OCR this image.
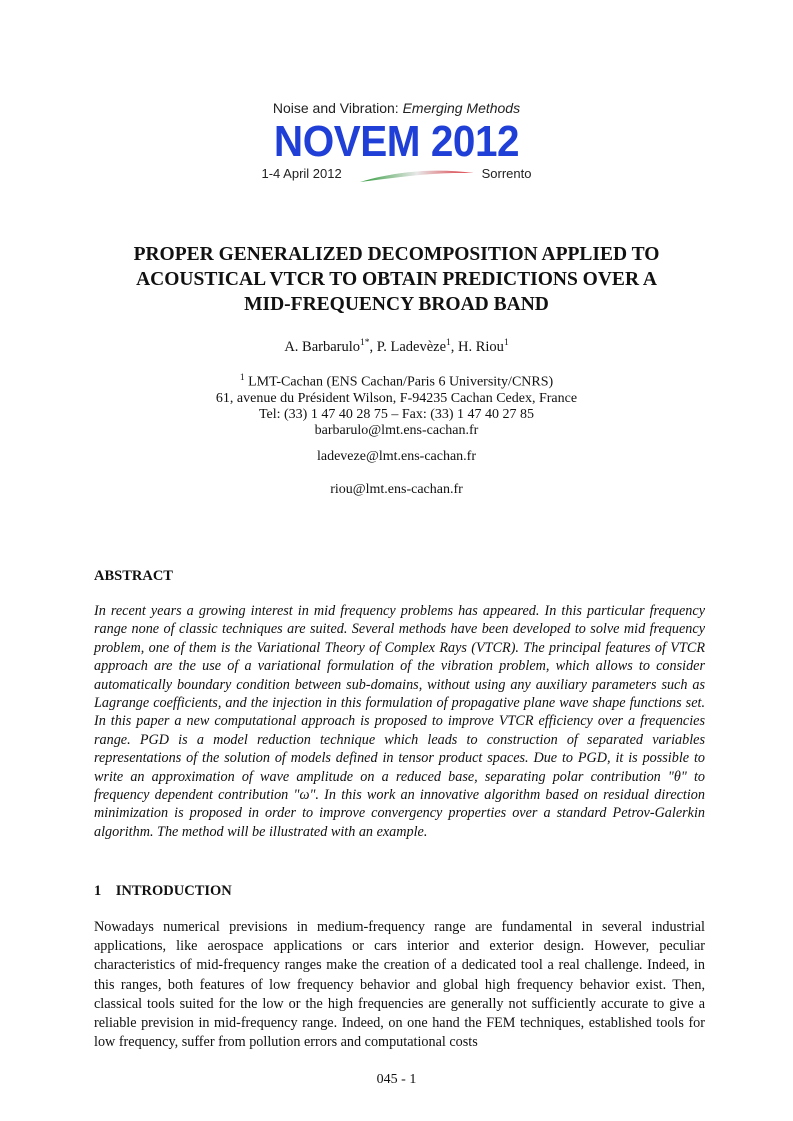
Noise and Vibration: Emerging Methods
NOVEM 2012
1-4 April 2012	Sorrento
PROPER GENERALIZED DECOMPOSITION APPLIED TO
ACOUSTICAL VTCR TO OBTAIN PREDICTIONS OVER A
MID-FREQUENCY BROAD BAND
A. Barbarulo$^{1*}$, P. Ladevèze$^1$, H. Riou$^1$
$^1$ LMT-Cachan (ENS Cachan/Paris 6 University/CNRS)
61, avenue du Président Wilson, F-94235 Cachan Cedex, France
Tel: (33) 1 47 40 28 75 – Fax: (33) 1 47 40 27 85
barbarulo@lmt.ens-cachan.fr
ladeveze@lmt.ens-cachan.fr
riou@lmt.ens-cachan.fr
ABSTRACT
In recent years a growing interest in mid frequency problems has appeared. In this particular frequency range none of classic techniques are suited. Several methods have been developed to solve mid frequency problem, one of them is the Variational Theory of Complex Rays (VTCR). The principal features of VTCR approach are the use of a variational formulation of the vibration problem, which allows to consider automatically boundary condition between sub-domains, without using any auxiliary parameters such as Lagrange coefficients, and the injection in this formulation of propagative plane wave shape functions set. In this paper a new computational approach is proposed to improve VTCR efficiency over a frequencies range. PGD is a model reduction technique which leads to construction of separated variables representations of the solution of models defined in tensor product spaces. Due to PGD, it is possible to write an approximation of wave amplitude on a reduced base, separating polar contribution "θ" to frequency dependent contribution "ω". In this work an innovative algorithm based on residual direction minimization is proposed in order to improve convergency properties over a standard Petrov-Galerkin algorithm. The method will be illustrated with an example.
1 INTRODUCTION
Nowadays numerical previsions in medium-frequency range are fundamental in several industrial applications, like aerospace applications or cars interior and exterior design. However, peculiar characteristics of mid-frequency ranges make the creation of a dedicated tool a real challenge. Indeed, in this ranges, both features of low frequency behavior and global high frequency behavior exist. Then, classical tools suited for the low or the high frequencies are generally not sufficiently accurate to give a reliable prevision in mid-frequency range. Indeed, on one hand the FEM techniques, established tools for low frequency, suffer from pollution errors and computational costs
045 - 1
